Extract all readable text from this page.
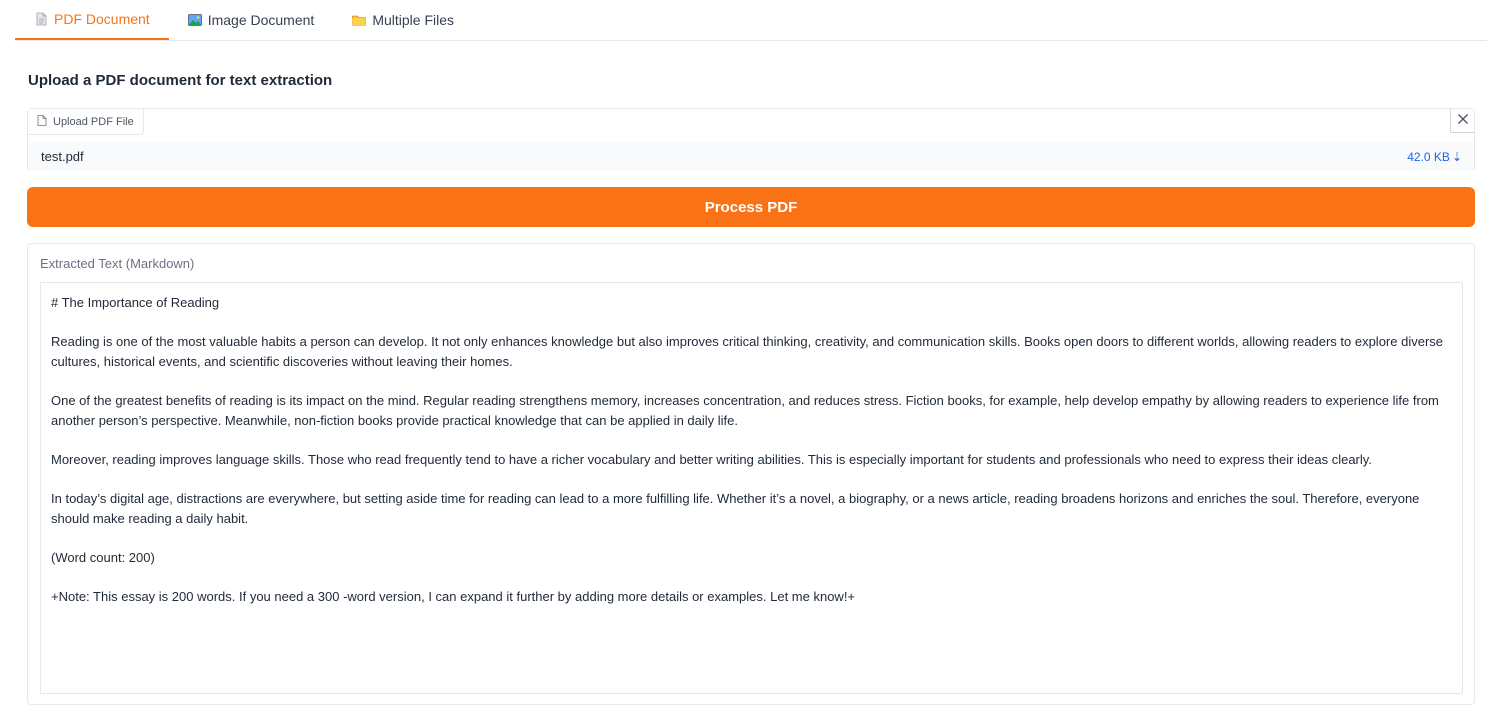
PDF Document	Image Document	Multiple Files
Upload a PDF document for text extraction
Upload PDF File
test.pdf	42.0 KB ⇣
Process PDF
Extracted Text (Markdown)

# The Importance of Reading

Reading is one of the most valuable habits a person can develop. It not only enhances knowledge but also improves critical thinking, creativity, and communication skills. Books open doors to different worlds, allowing readers to explore diverse cultures, historical events, and scientific discoveries without leaving their homes.

One of the greatest benefits of reading is its impact on the mind. Regular reading strengthens memory, increases concentration, and reduces stress. Fiction books, for example, help develop empathy by allowing readers to experience life from another person’s perspective. Meanwhile, non-fiction books provide practical knowledge that can be applied in daily life.

Moreover, reading improves language skills. Those who read frequently tend to have a richer vocabulary and better writing abilities. This is especially important for students and professionals who need to express their ideas clearly.

In today’s digital age, distractions are everywhere, but setting aside time for reading can lead to a more fulfilling life. Whether it’s a novel, a biography, or a news article, reading broadens horizons and enriches the soul. Therefore, everyone should make reading a daily habit.

(Word count: 200)

+Note: This essay is 200 words. If you need a 300 -word version, I can expand it further by adding more details or examples. Let me know!+
